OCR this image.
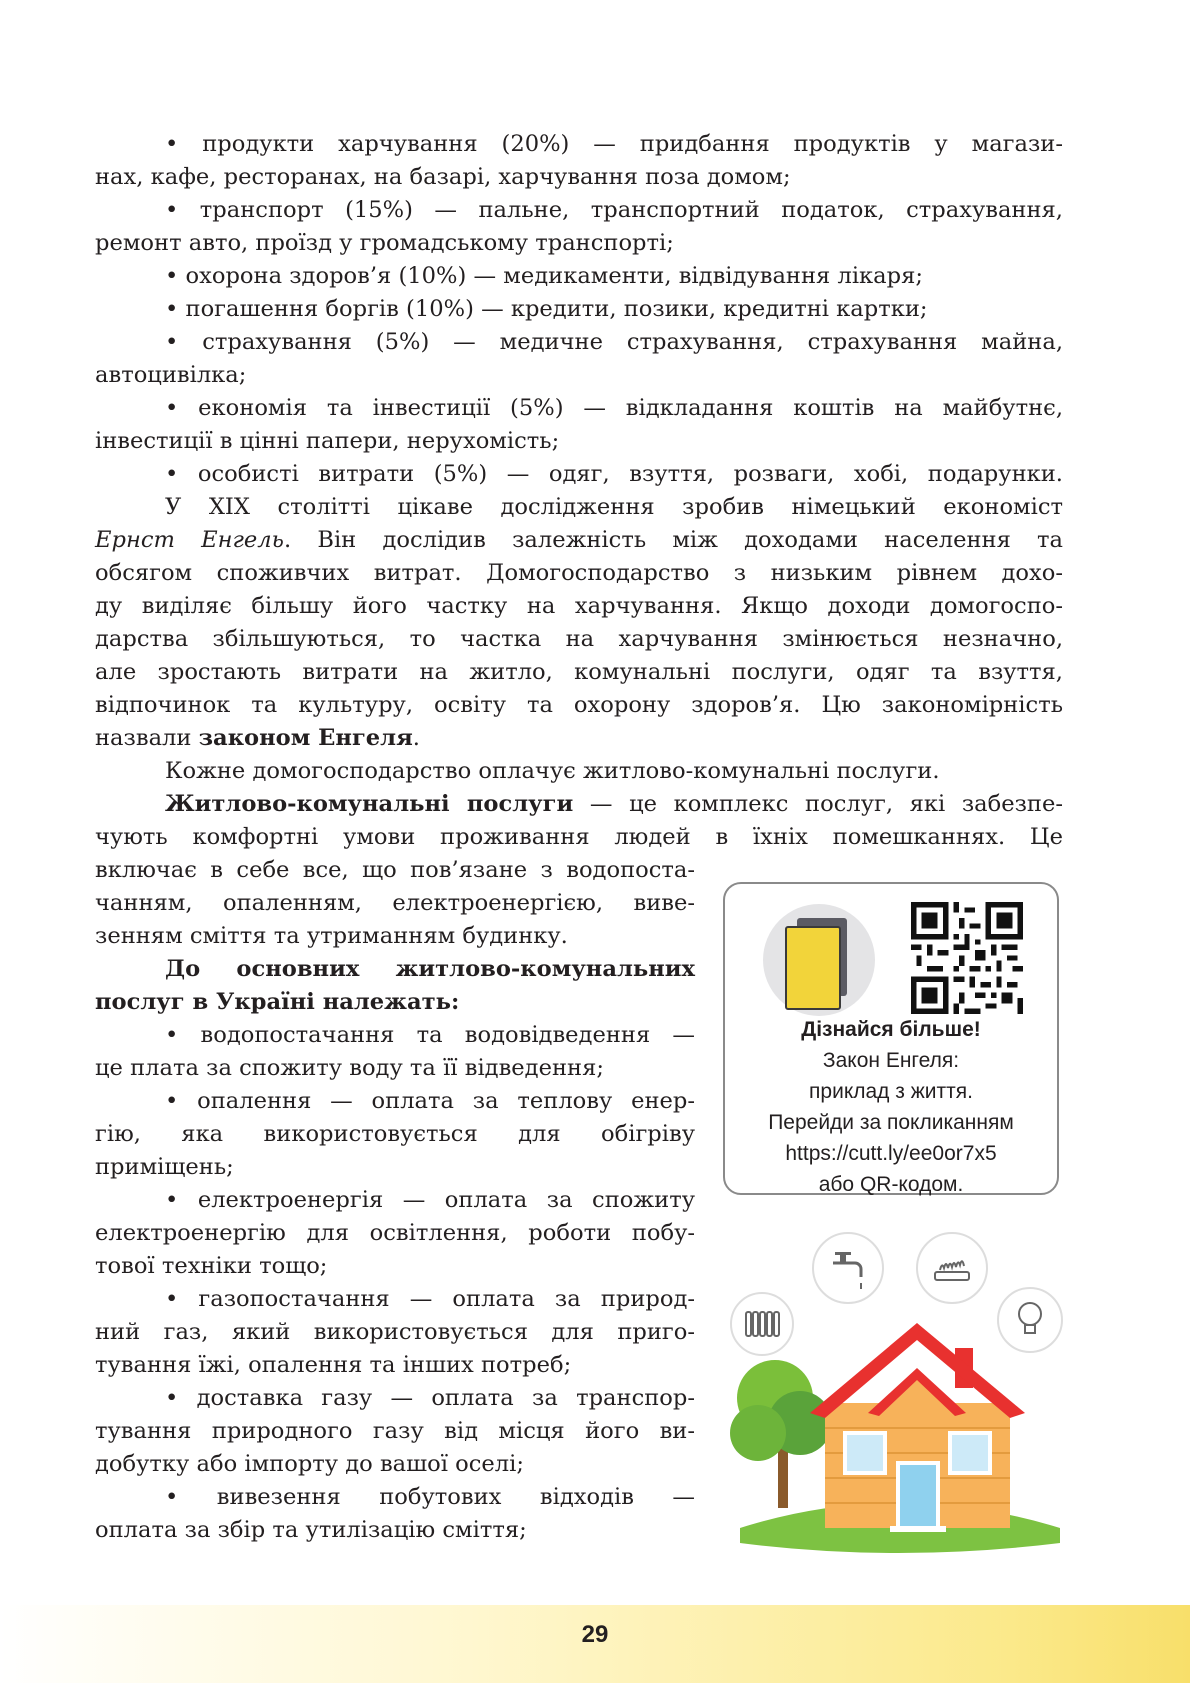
• продукти харчування (20%) — придбання продуктів у магази-
нах, кафе, ресторанах, на базарі, харчування поза домом;
• транспорт (15%) — пальне, транспортний податок, страхування,
ремонт авто, проїзд у громадському транспорті;
• охорона здоров’я (10%) — медикаменти, відвідування лікаря;
• погашення боргів (10%) — кредити, позики, кредитні картки;
• страхування (5%) — медичне страхування, страхування майна,
автоцивілка;
• економія та інвестиції (5%) — відкладання коштів на майбутнє,
інвестиції в цінні папери, нерухомість;
• особисті витрати (5%) — одяг, взуття, розваги, хобі, подарунки.
У XIX столітті цікаве дослідження зробив німецький економіст
Ернст Енгель. Він дослідив залежність між доходами населення та
обсягом споживчих витрат. Домогосподарство з низьким рівнем дохо-
ду виділяє більшу його частку на харчування. Якщо доходи домогоспо-
дарства збільшуються, то частка на харчування змінюється незначно,
але зростають витрати на житло, комунальні послуги, одяг та взуття,
відпочинок та культуру, освіту та охорону здоров’я. Цю закономірність
назвали законом Енгеля.
Кожне домогосподарство оплачує житлово-комунальні послуги.
Житлово-комунальні послуги — це комплекс послуг, які забезпе-
чують комфортні умови проживання людей в їхніх помешканнях. Це
включає в себе все, що пов’язане з водопоста-
чанням, опаленням, електроенергією, виве-
зенням сміття та утриманням будинку.
До основних житлово-комунальних
послуг в Україні належать:
• водопостачання та водовідведення —
це плата за спожиту воду та її відведення;
• опалення — оплата за теплову енер-
гію, яка використовується для обігріву
приміщень;
• електроенергія — оплата за спожиту
електроенергію для освітлення, роботи побу-
тової техніки тощо;
• газопостачання — оплата за природ-
ний газ, який використовується для приго-
тування їжі, опалення та інших потреб;
• доставка газу — оплата за транспор-
тування природного газу від місця його ви-
добутку або імпорту до вашої оселі;
• вивезення побутових відходів —
оплата за збір та утилізацію сміття;
Дізнайся більше!
Закон Енгеля:
приклад з життя.
Перейди за покликанням
https://cutt.ly/ee0or7x5
або QR-кодом.
29
